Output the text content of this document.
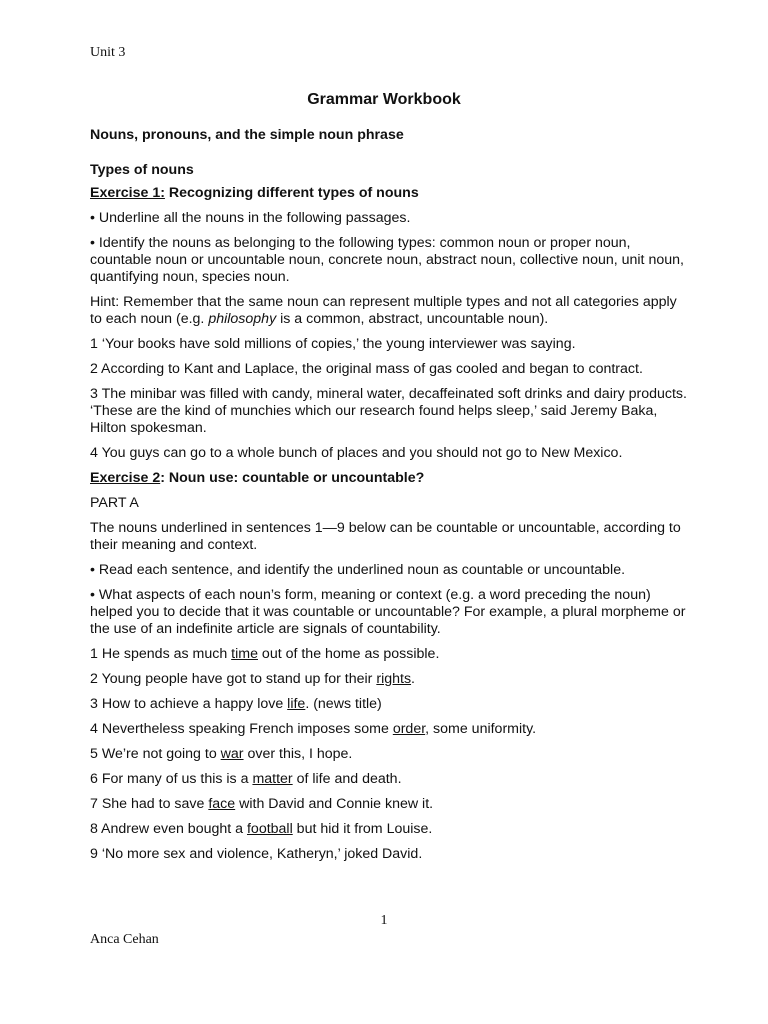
Unit 3
Grammar Workbook

Nouns, pronouns, and the simple noun phrase

Types of nouns

Exercise 1: Recognizing different types of nouns

• Underline all the nouns in the following passages.

• Identify the nouns as belonging to the following types: common noun or proper noun, countable noun or uncountable noun, concrete noun, abstract noun, collective noun, unit noun, quantifying noun, species noun.

Hint: Remember that the same noun can represent multiple types and not all categories apply to each noun (e.g. philosophy is a common, abstract, uncountable noun).

1 ‘Your books have sold millions of copies,’ the young interviewer was saying.

2 According to Kant and Laplace, the original mass of gas cooled and began to contract.

3 The minibar was filled with candy, mineral water, decaffeinated soft drinks and dairy products. ‘These are the kind of munchies which our research found helps sleep,’ said Jeremy Baka, Hilton spokesman.

4 You guys can go to a whole bunch of places and you should not go to New Mexico.

Exercise 2: Noun use: countable or uncountable?

PART A

The nouns underlined in sentences 1—9 below can be countable or uncountable, according to their meaning and context.

• Read each sentence, and identify the underlined noun as countable or uncountable.

• What aspects of each noun’s form, meaning or context (e.g. a word preceding the noun) helped you to decide that it was countable or uncountable? For example, a plural morpheme or the use of an indefinite article are signals of countability.

1 He spends as much time out of the home as possible.

2 Young people have got to stand up for their rights.

3 How to achieve a happy love life. (news title)

4 Nevertheless speaking French imposes some order, some uniformity.

5 We’re not going to war over this, I hope.

6 For many of us this is a matter of life and death.

7 She had to save face with David and Connie knew it.

8 Andrew even bought a football but hid it from Louise.

9 ‘No more sex and violence, Katheryn,’ joked David.

1
Anca Cehan
